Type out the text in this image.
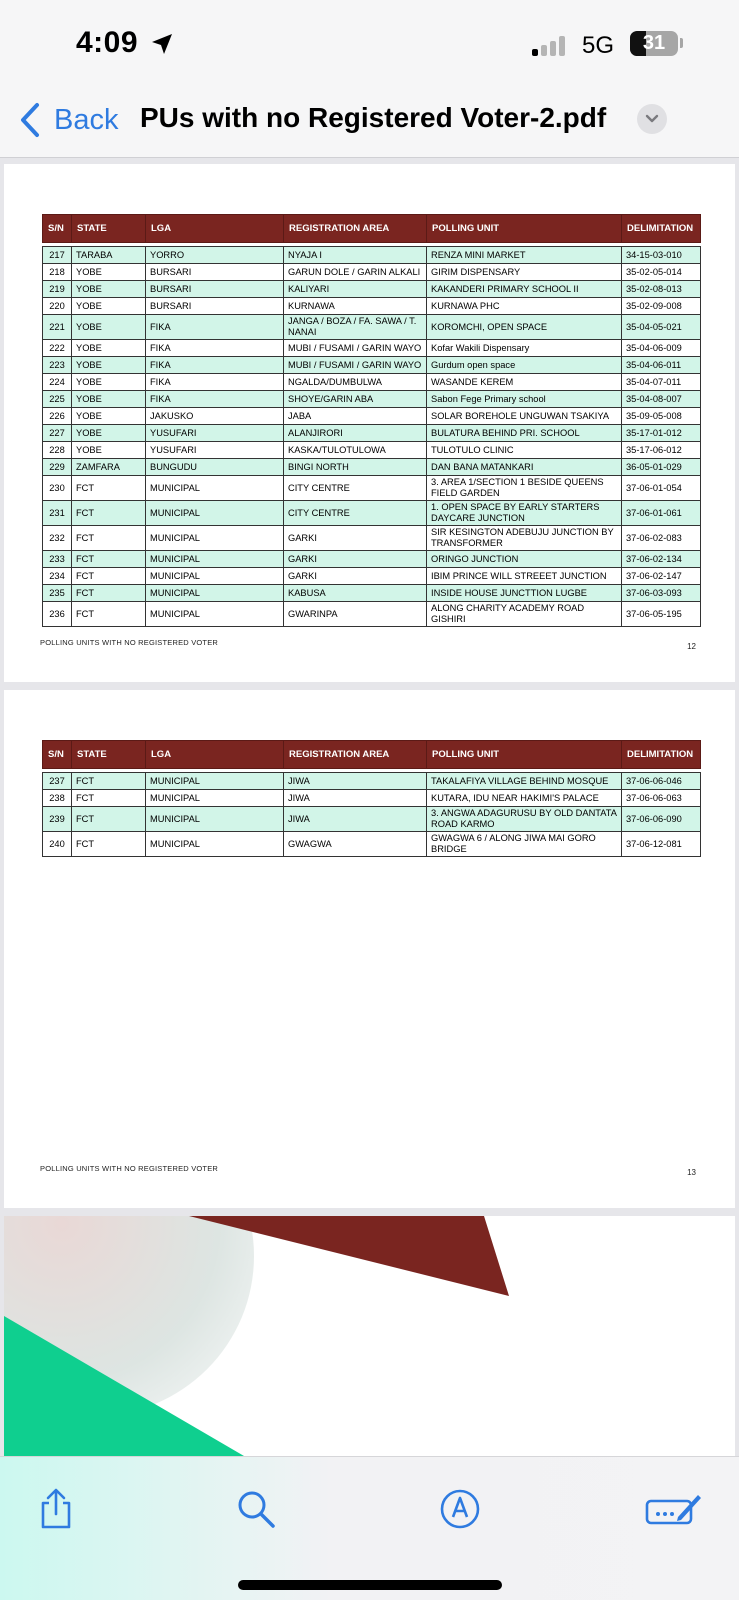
4:09	5G	31
Back PUs with no Registered Voter-2.pdf
S/N	STATE	LGA	REGISTRATION AREA	POLLING UNIT	DELIMITATION

217	TARABA	YORRO	NYAJA I	RENZA MINI MARKET	34-15-03-010
218	YOBE	BURSARI	GARUN DOLE / GARIN ALKALI	GIRIM DISPENSARY	35-02-05-014
219	YOBE	BURSARI	KALIYARI	KAKANDERI PRIMARY SCHOOL II	35-02-08-013
220	YOBE	BURSARI	KURNAWA	KURNAWA PHC	35-02-09-008
221	YOBE	FIKA	JANGA / BOZA / FA. SAWA / T. NANAI	KOROMCHI, OPEN SPACE	35-04-05-021
222	YOBE	FIKA	MUBI / FUSAMI / GARIN WAYO	Kofar Wakili Dispensary	35-04-06-009
223	YOBE	FIKA	MUBI / FUSAMI / GARIN WAYO	Gurdum open space	35-04-06-011
224	YOBE	FIKA	NGALDA/DUMBULWA	WASANDE KEREM	35-04-07-011
225	YOBE	FIKA	SHOYE/GARIN ABA	Sabon Fege Primary school	35-04-08-007
226	YOBE	JAKUSKO	JABA	SOLAR BOREHOLE UNGUWAN TSAKIYA	35-09-05-008
227	YOBE	YUSUFARI	ALANJIRORI	BULATURA BEHIND PRI. SCHOOL	35-17-01-012
228	YOBE	YUSUFARI	KASKA/TULOTULOWA	TULOTULO CLINIC	35-17-06-012
229	ZAMFARA	BUNGUDU	BINGI NORTH	DAN BANA MATANKARI	36-05-01-029
230	FCT	MUNICIPAL	CITY CENTRE	3. AREA 1/SECTION 1 BESIDE QUEENS FIELD GARDEN	37-06-01-054
231	FCT	MUNICIPAL	CITY CENTRE	1. OPEN SPACE BY EARLY STARTERS DAYCARE JUNCTION	37-06-01-061
232	FCT	MUNICIPAL	GARKI	SIR KESINGTON ADEBUJU JUNCTION BY TRANSFORMER	37-06-02-083
233	FCT	MUNICIPAL	GARKI	ORINGO JUNCTION	37-06-02-134
234	FCT	MUNICIPAL	GARKI	IBIM PRINCE WILL STREEET JUNCTION	37-06-02-147
235	FCT	MUNICIPAL	KABUSA	INSIDE HOUSE JUNCTTION LUGBE	37-06-03-093
236	FCT	MUNICIPAL	GWARINPA	ALONG CHARITY ACADEMY ROAD GISHIRI	37-06-05-195
POLLING UNITS WITH NO REGISTERED VOTER	12
S/N	STATE	LGA	REGISTRATION AREA	POLLING UNIT	DELIMITATION

237	FCT	MUNICIPAL	JIWA	TAKALAFIYA VILLAGE BEHIND MOSQUE	37-06-06-046
238	FCT	MUNICIPAL	JIWA	KUTARA, IDU NEAR HAKIMI'S PALACE	37-06-06-063
239	FCT	MUNICIPAL	JIWA	3. ANGWA ADAGURUSU BY OLD DANTATA ROAD KARMO	37-06-06-090
240	FCT	MUNICIPAL	GWAGWA	GWAGWA 6 / ALONG JIWA MAI GORO BRIDGE	37-06-12-081
POLLING UNITS WITH NO REGISTERED VOTER	13
